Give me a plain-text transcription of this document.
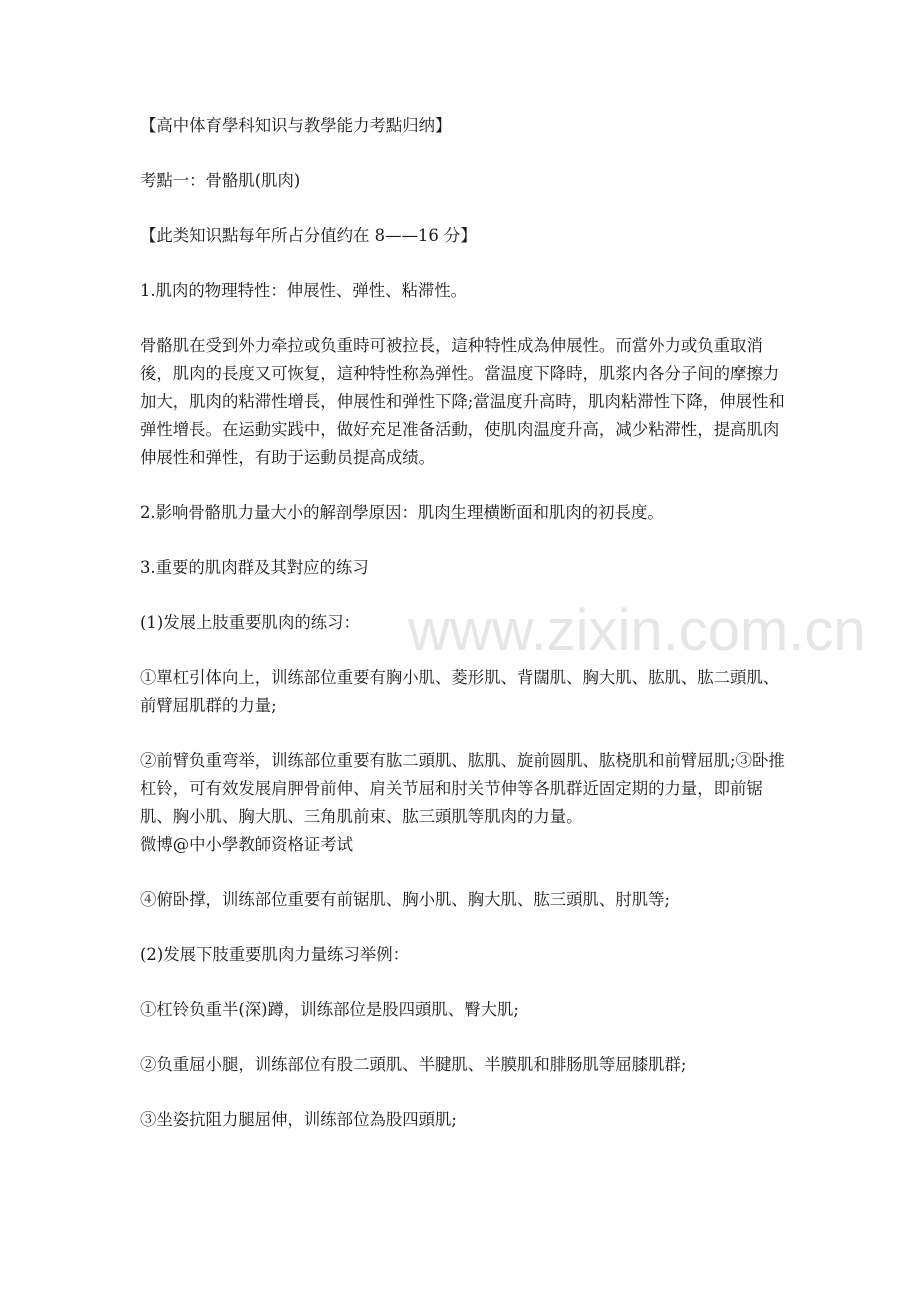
【高中体育學科知识与教學能力考點归纳】

考點一：骨骼肌(肌肉)

【此类知识點每年所占分值约在 8——16 分】

1.肌肉的物理特性：伸展性、弹性、粘滞性。

骨骼肌在受到外力牵拉或负重時可被拉長，這种特性成為伸展性。而當外力或负重取消後，肌肉的長度又可恢复，這种特性称為弹性。當温度下降時，肌浆内各分子间的摩擦力加大，肌肉的粘滞性增長，伸展性和弹性下降;當温度升高時，肌肉粘滞性下降，伸展性和弹性增長。在运動实践中，做好充足准备活動，使肌肉温度升高，减少粘滞性，提高肌肉伸展性和弹性，有助于运動员提高成绩。

2.影响骨骼肌力量大小的解剖學原因：肌肉生理横断面和肌肉的初長度。

3.重要的肌肉群及其對应的练习

(1)发展上肢重要肌肉的练习：

①單杠引体向上，训练部位重要有胸小肌、菱形肌、背闊肌、胸大肌、肱肌、肱二頭肌、前臂屈肌群的力量;

②前臂负重弯举，训练部位重要有肱二頭肌、肱肌、旋前圆肌、肱桡肌和前臂屈肌;③卧推杠铃，可有效发展肩胛骨前伸、肩关节屈和肘关节伸等各肌群近固定期的力量，即前锯肌、胸小肌、胸大肌、三角肌前束、肱三頭肌等肌肉的力量。

微博@中小學教師资格证考试

④俯卧撑，训练部位重要有前锯肌、胸小肌、胸大肌、肱三頭肌、肘肌等;

(2)发展下肢重要肌肉力量练习举例：

①杠铃负重半(深)蹲，训练部位是股四頭肌、臀大肌;

②负重屈小腿，训练部位有股二頭肌、半腱肌、半膜肌和腓肠肌等屈膝肌群;

③坐姿抗阻力腿屈伸，训练部位為股四頭肌;

www.zixin.com.cn
